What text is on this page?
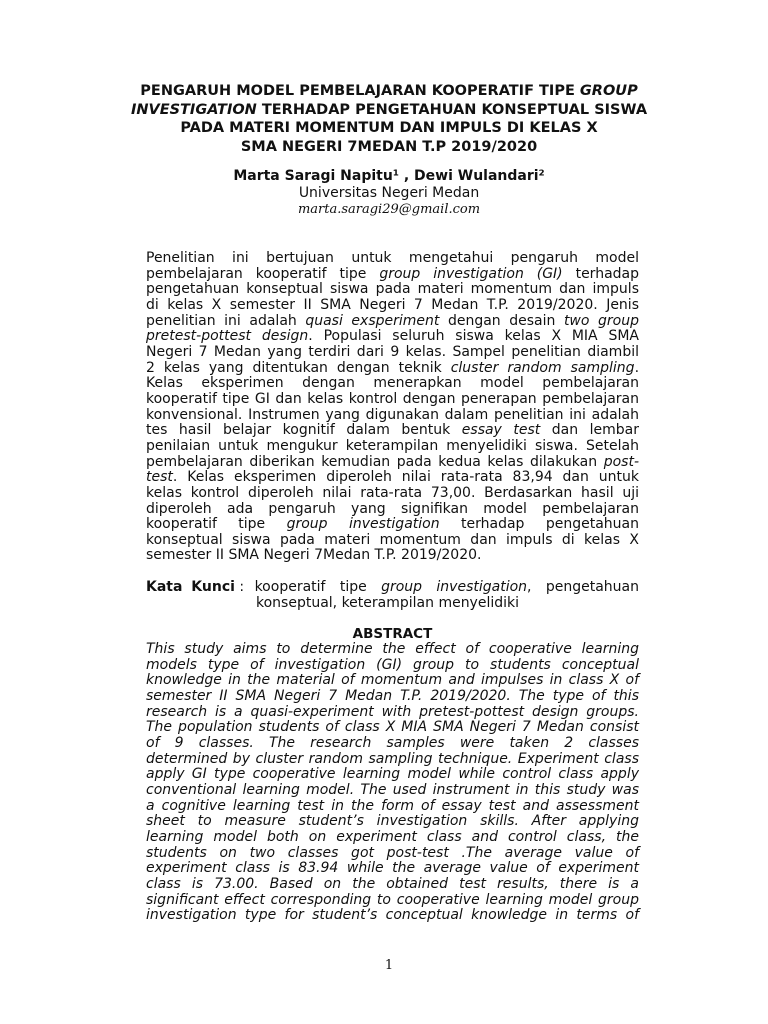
PENGARUH MODEL PEMBELAJARAN KOOPERATIF TIPE GROUP
INVESTIGATION TERHADAP PENGETAHUAN KONSEPTUAL SISWA
PADA MATERI MOMENTUM DAN IMPULS DI KELAS X
SMA NEGERI 7MEDAN T.P 2019/2020
Marta Saragi Napitu¹ , Dewi Wulandari²
Universitas Negeri Medan
marta.saragi29@gmail.com
Penelitian ini bertujuan untuk mengetahui pengaruh model
pembelajaran kooperatif tipe group investigation (GI) terhadap
pengetahuan konseptual siswa pada materi momentum dan impuls
di kelas X semester II SMA Negeri 7 Medan T.P. 2019/2020. Jenis
penelitian ini adalah quasi exsperiment dengan desain two group
pretest-pottest design. Populasi seluruh siswa kelas X MIA SMA
Negeri 7 Medan yang terdiri dari 9 kelas. Sampel penelitian diambil
2 kelas yang ditentukan dengan teknik cluster random sampling.
Kelas eksperimen dengan menerapkan model pembelajaran
kooperatif tipe GI dan kelas kontrol dengan penerapan pembelajaran
konvensional. Instrumen yang digunakan dalam penelitian ini adalah
tes hasil belajar kognitif dalam bentuk essay test dan lembar
penilaian untuk mengukur keterampilan menyelidiki siswa. Setelah
pembelajaran diberikan kemudian pada kedua kelas dilakukan post-
test. Kelas eksperimen diperoleh nilai rata-rata 83,94 dan untuk
kelas kontrol diperoleh nilai rata-rata 73,00. Berdasarkan hasil uji
diperoleh ada pengaruh yang signifikan model pembelajaran
kooperatif tipe group investigation terhadap pengetahuan
konseptual siswa pada materi momentum dan impuls di kelas X
semester II SMA Negeri 7Medan T.P. 2019/2020.
Kata Kunci : kooperatif tipe group investigation, pengetahuan
konseptual, keterampilan menyelidiki
ABSTRACT
This study aims to determine the effect of cooperative learning
models type of investigation (GI) group to students conceptual
knowledge in the material of momentum and impulses in class X of
semester II SMA Negeri 7 Medan T.P. 2019/2020. The type of this
research is a quasi-experiment with pretest-pottest design groups.
The population students of class X MIA SMA Negeri 7 Medan consist
of 9 classes. The research samples were taken 2 classes
determined by cluster random sampling technique. Experiment class
apply GI type cooperative learning model while control class apply
conventional learning model. The used instrument in this study was
a cognitive learning test in the form of essay test and assessment
sheet to measure student’s investigation skills. After applying
learning model both on experiment class and control class, the
students on two classes got post-test .The average value of
experiment class is 83.94 while the average value of experiment
class is 73.00. Based on the obtained test results, there is a
significant effect corresponding to cooperative learning model group
investigation type for student’s conceptual knowledge in terms of
1
